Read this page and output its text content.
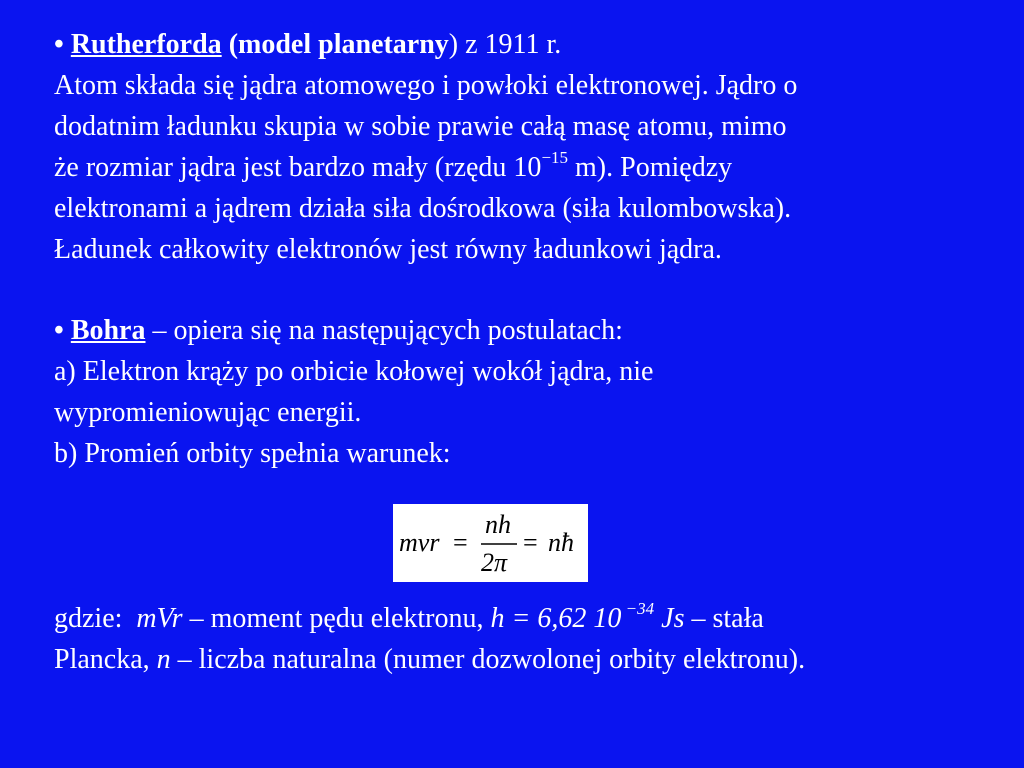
• Rutherforda (model planetarny) z 1911 r.
Atom składa się jądra atomowego i powłoki elektronowej. Jądro o
dodatnim ładunku skupia w sobie prawie całą masę atomu, mimo
że rozmiar jądra jest bardzo mały (rzędu $10^{-15}$ m). Pomiędzy
elektronami a jądrem działa siła dośrodkowa (siła kulombowska).
Ładunek całkowity elektronów jest równy ładunkowi jądra.
• Bohra – opiera się na następujących postulatach:
a) Elektron krąży po orbicie kołowej wokół jądra, nie
wypromieniowując energii.
b) Promień orbity spełnia warunek:
mvr =
nh
2π
= nħ
gdzie:  mVr – moment pędu elektronu, h = 6,62 10 $^{-34}$ Js – stała
Plancka, n – liczba naturalna (numer dozwolonej orbity elektronu).
